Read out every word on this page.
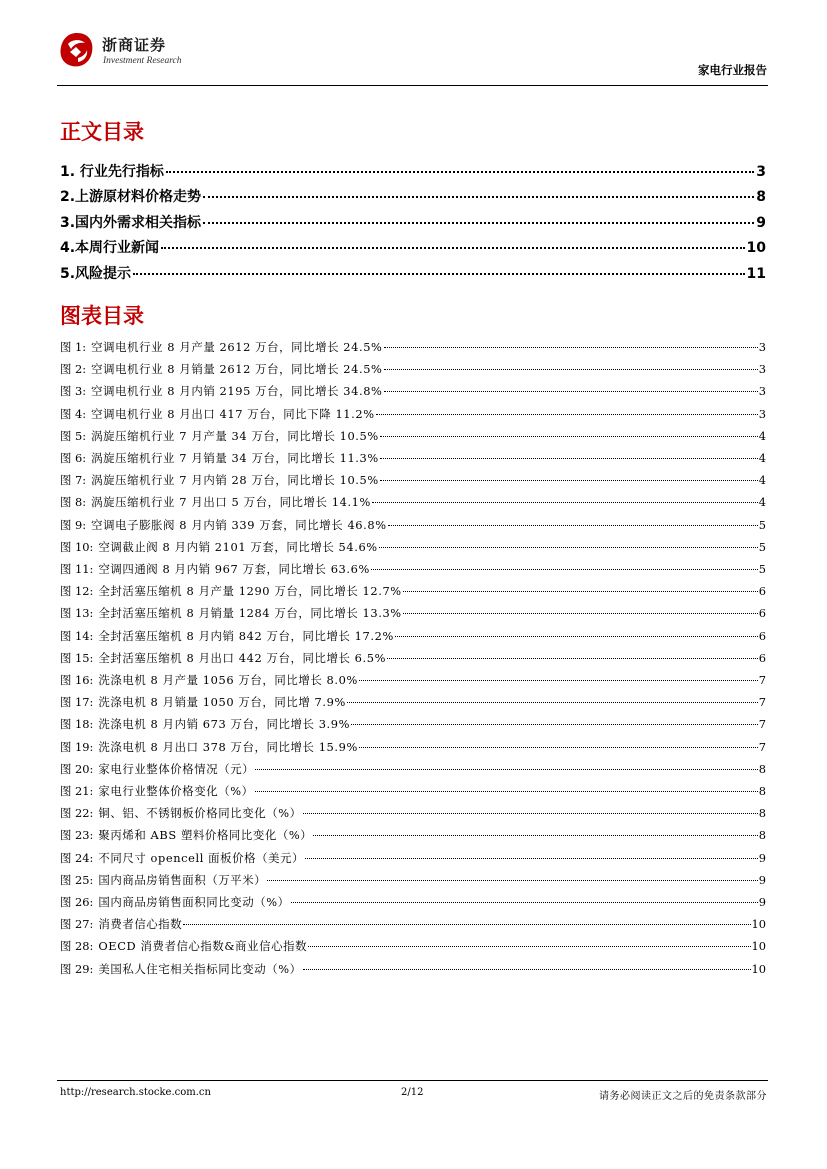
浙商证券
Investment Research
家电行业报告
正文目录
1. 行业先行指标	3
2.上游原材料价格走势	8
3.国内外需求相关指标	9
4.本周行业新闻	10
5.风险提示	11
图表目录
图 1: 空调电机行业 8 月产量 2612 万台，同比增长 24.5%	3
图 2: 空调电机行业 8 月销量 2612 万台，同比增长 24.5%	3
图 3: 空调电机行业 8 月内销 2195 万台，同比增长 34.8%	3
图 4: 空调电机行业 8 月出口 417 万台，同比下降 11.2%	3
图 5: 涡旋压缩机行业 7 月产量 34 万台，同比增长 10.5%	4
图 6: 涡旋压缩机行业 7 月销量 34 万台，同比增长 11.3%	4
图 7: 涡旋压缩机行业 7 月内销 28 万台，同比增长 10.5%	4
图 8: 涡旋压缩机行业 7 月出口 5 万台，同比增长 14.1%	4
图 9: 空调电子膨胀阀 8 月内销 339 万套，同比增长 46.8%	5
图 10: 空调截止阀 8 月内销 2101 万套，同比增长 54.6%	5
图 11: 空调四通阀 8 月内销 967 万套，同比增长 63.6%	5
图 12: 全封活塞压缩机 8 月产量 1290 万台，同比增长 12.7%	6
图 13: 全封活塞压缩机 8 月销量 1284 万台，同比增长 13.3%	6
图 14: 全封活塞压缩机 8 月内销 842 万台，同比增长 17.2%	6
图 15: 全封活塞压缩机 8 月出口 442 万台，同比增长 6.5%	6
图 16: 洗涤电机 8 月产量 1056 万台，同比增长 8.0%	7
图 17: 洗涤电机 8 月销量 1050 万台，同比增 7.9%	7
图 18: 洗涤电机 8 月内销 673 万台，同比增长 3.9%	7
图 19: 洗涤电机 8 月出口 378 万台，同比增长 15.9%	7
图 20: 家电行业整体价格情况（元）	8
图 21: 家电行业整体价格变化（%）	8
图 22: 铜、铝、不锈钢板价格同比变化（%）	8
图 23: 聚丙烯和 ABS 塑料价格同比变化（%）	8
图 24: 不同尺寸 opencell 面板价格（美元）	9
图 25: 国内商品房销售面积（万平米）	9
图 26: 国内商品房销售面积同比变动（%）	9
图 27: 消费者信心指数	10
图 28: OECD 消费者信心指数&商业信心指数	10
图 29: 美国私人住宅相关指标同比变动（%）	10
http://research.stocke.com.cn	2/12	请务必阅读正文之后的免责条款部分
